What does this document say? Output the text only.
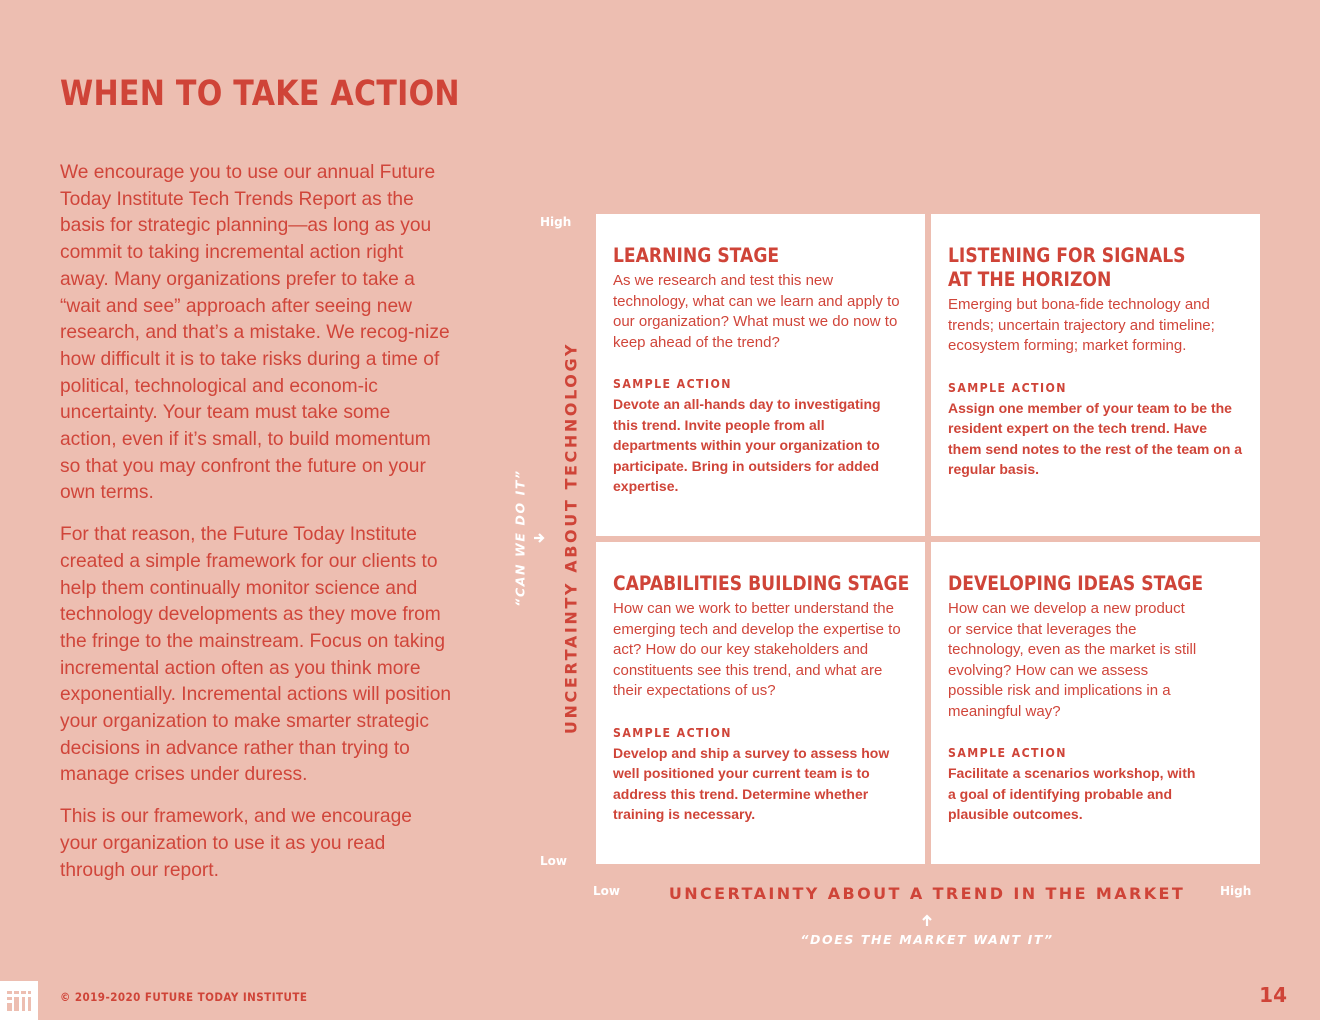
WHEN TO TAKE ACTION

We encourage you to use our annual Future Today Institute Tech Trends Report as the basis for strategic planning—as long as you commit to taking incremental action right away. Many organizations prefer to take a “wait and see” approach after seeing new research, and that’s a mistake. We recog-nize how difficult it is to take risks during a time of political, technological and econom-ic uncertainty. Your team must take some action, even if it’s small, to build momentum so that you may confront the future on your own terms.

For that reason, the Future Today Institute created a simple framework for our clients to help them continually monitor science and technology developments as they move from the fringe to the mainstream. Focus on taking incremental action often as you think more exponentially. Incremental actions will position your organization to make smarter strategic decisions in advance rather than trying to manage crises under duress.

This is our framework, and we encourage your organization to use it as you read through our report.

High
Low
UNCERTAINTY ABOUT TECHNOLOGY
“CAN WE DO IT”
LEARNING STAGE
As we research and test this new technology, what can we learn and apply to our organization? What must we do now to keep ahead of the trend?
SAMPLE ACTION
Devote an all-hands day to investigating this trend. Invite people from all departments within your organization to participate. Bring in outsiders for added expertise.
LISTENING FOR SIGNALS
AT THE HORIZON
Emerging but bona-fide technology and trends; uncertain trajectory and timeline; ecosystem forming; market forming.
SAMPLE ACTION
Assign one member of your team to be the resident expert on the tech trend. Have them send notes to the rest of the team on a regular basis.
CAPABILITIES BUILDING STAGE
How can we work to better understand the emerging tech and develop the expertise to act? How do our key stakeholders and constituents see this trend, and what are their expectations of us?
SAMPLE ACTION
Develop and ship a survey to assess how well positioned your current team is to address this trend. Determine whether training is necessary.
DEVELOPING IDEAS STAGE
How can we develop a new product or service that leverages the technology, even as the market is still evolving? How can we assess possible risk and implications in a meaningful way?
SAMPLE ACTION
Facilitate a scenarios workshop, with a goal of identifying probable and plausible outcomes.
Low	High
UNCERTAINTY ABOUT A TREND IN THE MARKET
“DOES THE MARKET WANT IT”
© 2019-2020 FUTURE TODAY INSTITUTE	14
